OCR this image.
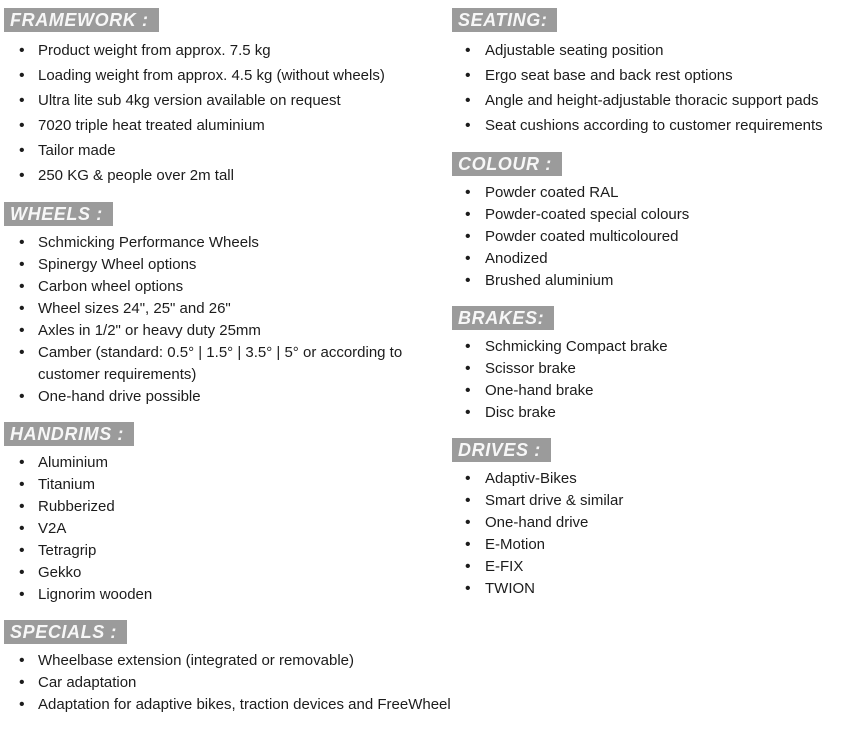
FRAMEWORK :
• Product weight from approx. 7.5 kg
• Loading weight from approx. 4.5 kg (without wheels)
• Ultra lite sub 4kg version available on request
• 7020 triple heat treated aluminium
• Tailor made
• 250 KG & people over 2m tall
WHEELS :
• Schmicking Performance Wheels
• Spinergy Wheel options
• Carbon wheel options
• Wheel sizes 24", 25" and 26"
• Axles in 1/2" or heavy duty 25mm
• Camber (standard: 0.5° | 1.5° | 3.5° | 5° or according to customer requirements)
• One-hand drive possible
HANDRIMS :
• Aluminium
• Titanium
• Rubberized
• V2A
• Tetragrip
• Gekko
• Lignorim wooden
SPECIALS :
• Wheelbase extension (integrated or removable)
• Car adaptation
• Adaptation for adaptive bikes, traction devices and FreeWheel
SEATING:
• Adjustable seating position
• Ergo seat base and back rest options
• Angle and height-adjustable thoracic support pads
• Seat cushions according to customer requirements
COLOUR :
• Powder coated RAL
• Powder-coated special colours
• Powder coated multicoloured
• Anodized
• Brushed aluminium
BRAKES:
• Schmicking Compact brake
• Scissor brake
• One-hand brake
• Disc brake
DRIVES :
• Adaptiv-Bikes
• Smart drive & similar
• One-hand drive
• E-Motion
• E-FIX
• TWION
